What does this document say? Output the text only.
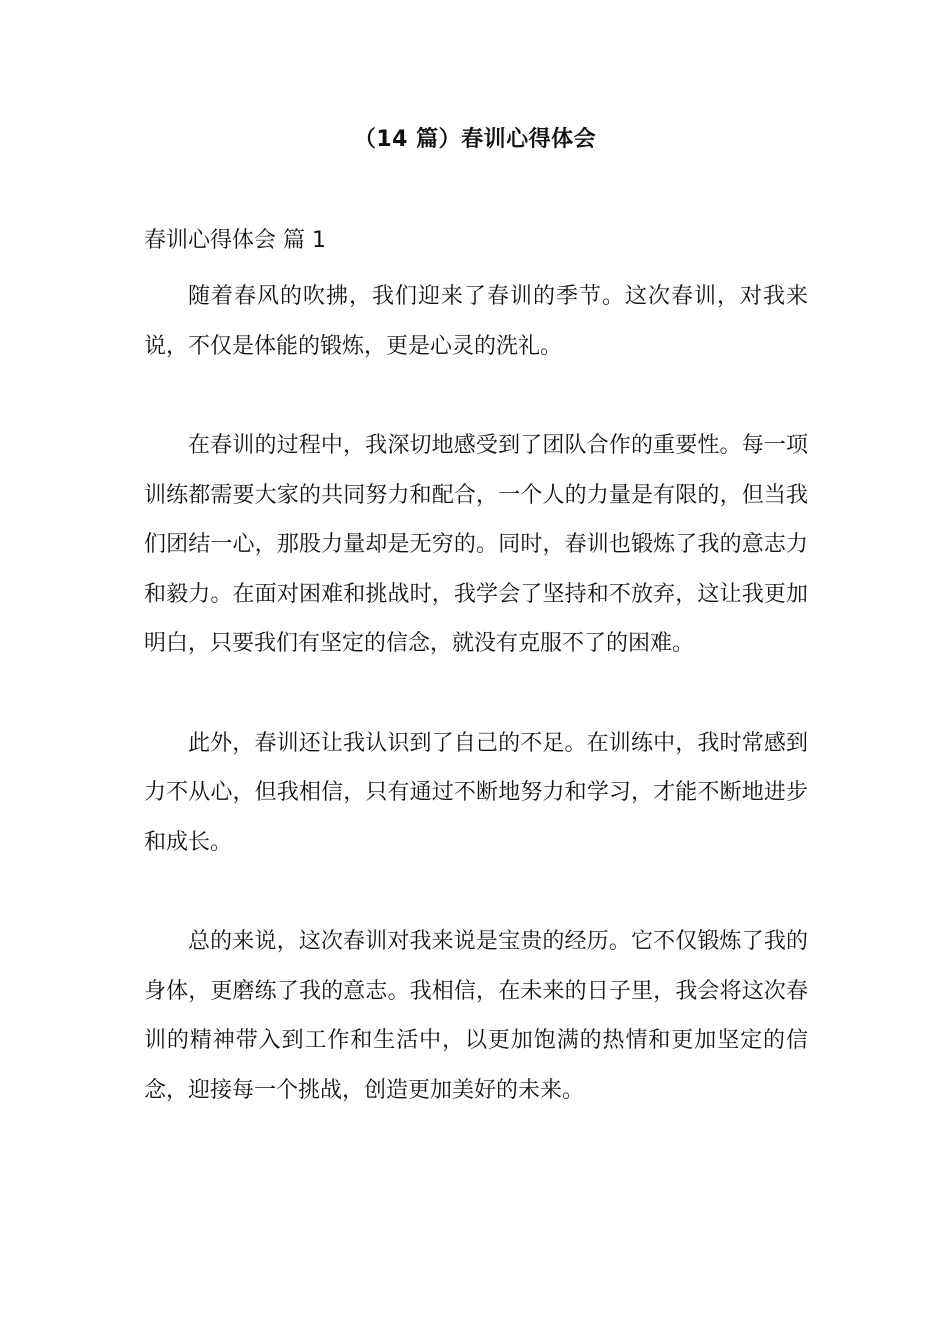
（14 篇）春训心得体会
春训心得体会 篇 1

随着春风的吹拂，我们迎来了春训的季节。这次春训，对我来说，不仅是体能的锻炼，更是心灵的洗礼。

在春训的过程中，我深切地感受到了团队合作的重要性。每一项训练都需要大家的共同努力和配合，一个人的力量是有限的，但当我们团结一心，那股力量却是无穷的。同时，春训也锻炼了我的意志力和毅力。在面对困难和挑战时，我学会了坚持和不放弃，这让我更加明白，只要我们有坚定的信念，就没有克服不了的困难。

此外，春训还让我认识到了自己的不足。在训练中，我时常感到力不从心，但我相信，只有通过不断地努力和学习，才能不断地进步和成长。

总的来说，这次春训对我来说是宝贵的经历。它不仅锻炼了我的身体，更磨练了我的意志。我相信，在未来的日子里，我会将这次春训的精神带入到工作和生活中，以更加饱满的热情和更加坚定的信念，迎接每一个挑战，创造更加美好的未来。
